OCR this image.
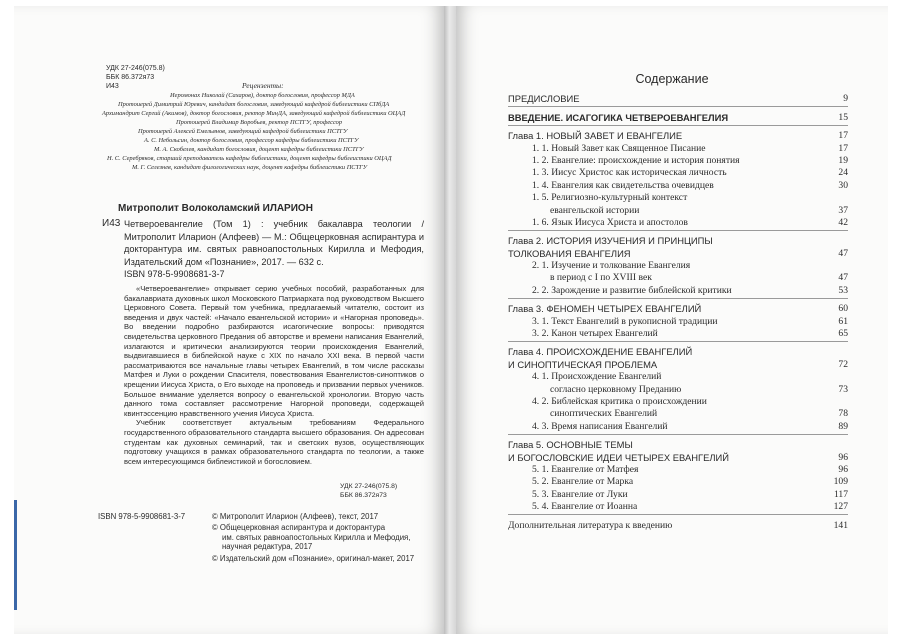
УДК 27-246(075.8)
ББК 86.372я73
И43	Рецензенты:
Иеромонах Николай (Сахаров), доктор богословия, профессор МДА
Протоиерей Димитрий Юревич, кандидат богословия, заведующий кафедрой библеистики СПбДА
Архимандрит Сергий (Акимов), доктор богословия, ректор МинДА, заведующий кафедрой библеистики ОЦАД
Протоиерей Владимир Воробьев, ректор ПСТГУ, профессор
Протоиерей Алексей Емельянов, заведующий кафедрой библеистики ПСТГУ
А. С. Небольсин, доктор богословия, профессор кафедры библеистики ПСТГУ
М. А. Скобелев, кандидат богословия, доцент кафедры библеистики ПСТГУ
Н. С. Серебряков, старший преподаватель кафедры библеистики, доцент кафедры библеистики ОЦАД
М. Г. Селезнев, кандидат филологических наук, доцент кафедры библеистики ПСТГУ
Митрополит Волоколамский ИЛАРИОН
И43 Четвероевангелие (Том 1) : учебник бакалавра теологии / Митрополит Иларион (Алфеев) — М.: Общецерковная аспирантура и докторантура им. святых равноапостольных Кирилла и Мефодия, Издательский дом «Познание», 2017. — 632 с.
ISBN 978-5-9908681-3-7

«Четвероевангелие» открывает серию учебных пособий, разработанных для бакалавриата духовных школ Московского Патриархата под руководством Высшего Церковного Совета. Первый том учебника, предлагаемый читателю, состоит из введения и двух частей: «Начало евангельской истории» и «Нагорная проповедь». Во введении подробно разбираются исагогические вопросы: приводятся свидетельства церковного Предания об авторстве и времени написания Евангелий, излагаются и критически анализируются теории происхождения Евангелий, выдвигавшиеся в библейской науке с XIX по начало XXI века. В первой части рассматриваются все начальные главы четырех Евангелий, в том числе рассказы Матфея и Луки о рождении Спасителя, повествования Евангелистов-синоптиков о крещении Иисуса Христа, о Его выходе на проповедь и призвании первых учеников. Большое внимание уделяется вопросу о евангельской хронологии. Вторую часть данного тома составляет рассмотрение Нагорной проповеди, содержащей квинтэссенцию нравственного учения Иисуса Христа.

Учебник соответствует актуальным требованиям Федерального государственного образовательного стандарта высшего образования. Он адресован студентам как духовных семинарий, так и светских вузов, осуществляющих подготовку учащихся в рамках образовательного стандарта по теологии, а также всем интересующимся библеистикой и богословием.

УДК 27-246(075.8)
ББК 86.372я73
ISBN 978-5-9908681-3-7	© Митрополит Иларион (Алфеев), текст, 2017
© Общецерковная аспирантура и докторантура
им. святых равноапостольных Кирилла и Мефодия,
научная редактура, 2017
© Издательский дом «Познание», оригинал-макет, 2017
Содержание
ПРЕДИСЛОВИЕ	9
ВВЕДЕНИЕ. ИСАГОГИКА ЧЕТВЕРОЕВАНГЕЛИЯ	15
Глава 1. НОВЫЙ ЗАВЕТ И ЕВАНГЕЛИЕ	17
1. 1. Новый Завет как Священное Писание	17
1. 2. Евангелие: происхождение и история понятия	19
1. 3. Иисус Христос как историческая личность	24
1. 4. Евангелия как свидетельства очевидцев	30
1. 5. Религиозно-культурный контекст
евангельской истории	37
1. 6. Язык Иисуса Христа и апостолов	42
Глава 2. ИСТОРИЯ ИЗУЧЕНИЯ И ПРИНЦИПЫ
ТОЛКОВАНИЯ ЕВАНГЕЛИЯ	47
2. 1. Изучение и толкование Евангелия
в период с I по XVIII век	47
2. 2. Зарождение и развитие библейской критики	53
Глава 3. ФЕНОМЕН ЧЕТЫРЕХ ЕВАНГЕЛИЙ	60
3. 1. Текст Евангелий в рукописной традиции	61
3. 2. Канон четырех Евангелий	65
Глава 4. ПРОИСХОЖДЕНИЕ ЕВАНГЕЛИЙ
И СИНОПТИЧЕСКАЯ ПРОБЛЕМА	72
4. 1. Происхождение Евангелий
согласно церковному Преданию	73
4. 2. Библейская критика о происхождении
синоптических Евангелий	78
4. 3. Время написания Евангелий	89
Глава 5. ОСНОВНЫЕ ТЕМЫ
И БОГОСЛОВСКИЕ ИДЕИ ЧЕТЫРЕХ ЕВАНГЕЛИЙ	96
5. 1. Евангелие от Матфея	96
5. 2. Евангелие от Марка	109
5. 3. Евангелие от Луки	117
5. 4. Евангелие от Иоанна	127
Дополнительная литература к введению	141
